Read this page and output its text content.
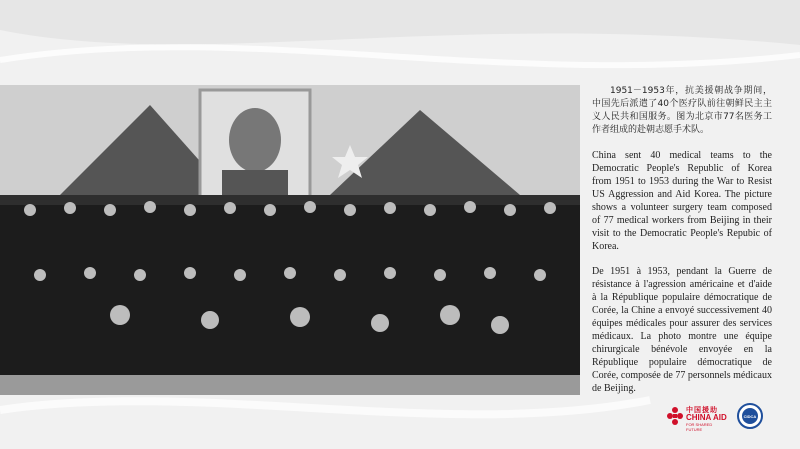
1951－1953年，抗美援朝战争期间，中国先后派遣了40个医疗队前往朝鲜民主主义人民共和国服务。图为北京市77名医务工作者组成的赴朝志愿手术队。

China sent 40 medical teams to the Democratic People's Republic of Korea from 1951 to 1953 during the War to Resist US Aggression and Aid Korea. The picture shows a volunteer surgery team composed of 77 medical workers from Beijing in their visit to the Democratic People's Repubic of Korea.

De 1951 à 1953, pendant la Guerre de résistance à l'agression américaine et d'aide à la République populaire démocratique de Corée, la Chine a envoyé successivement 40 équipes médicales pour assurer des services médicaux. La photo montre une équipe chirurgicale bénévole envoyée en la République populaire démocratique de Corée, composée de 77 personnels médicaux de Beijing.

中国援助
CHINA AID
FOR SHARED FUTURE
CIDCA
